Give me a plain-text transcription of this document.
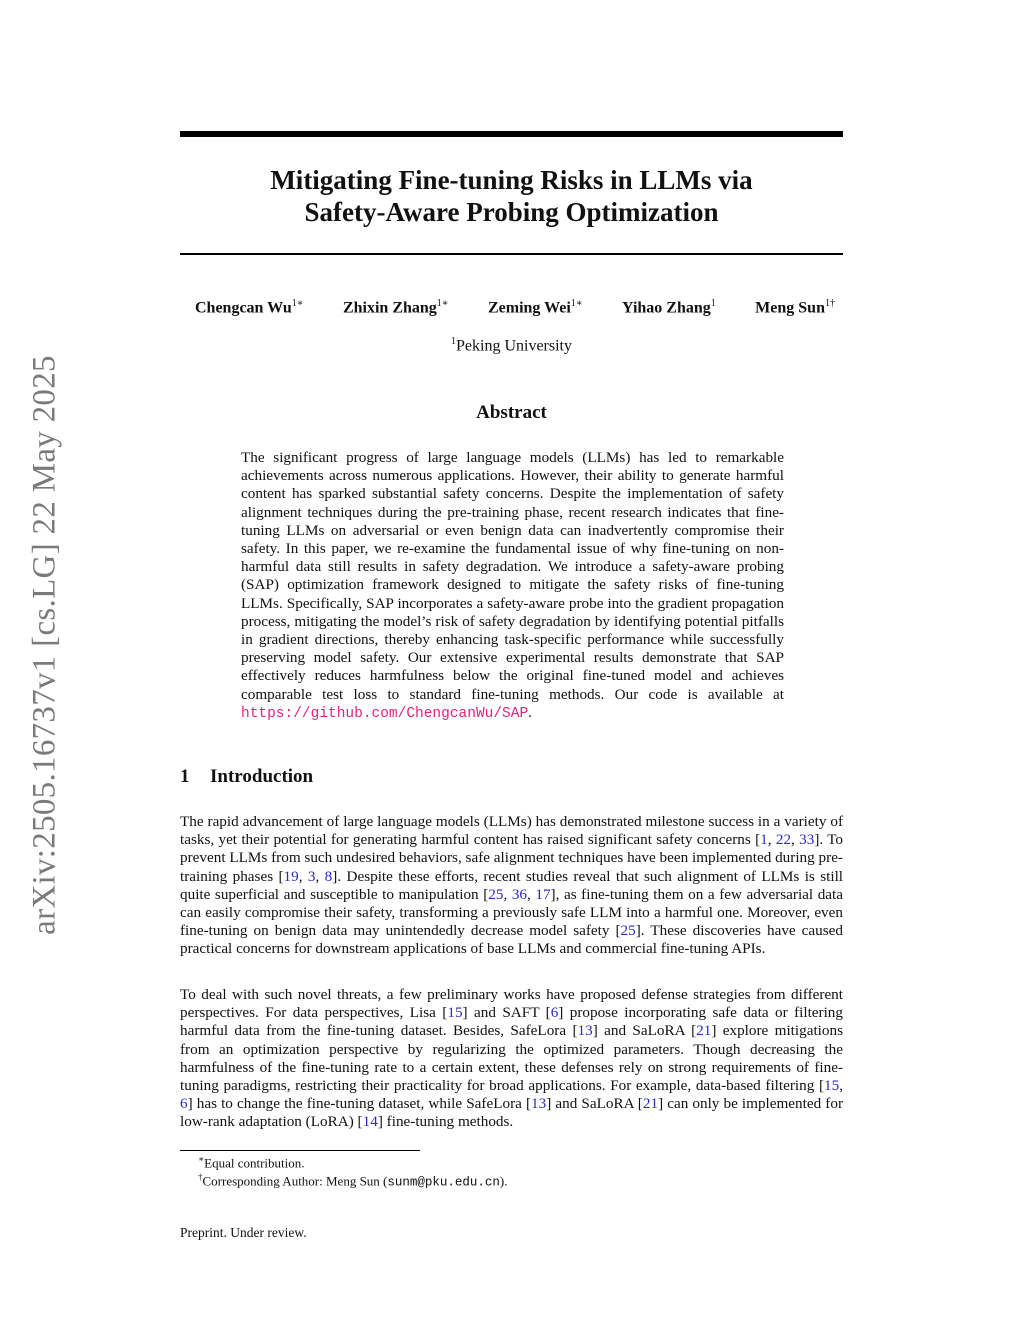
arXiv:2505.16737v1 [cs.LG] 22 May 2025
Mitigating Fine-tuning Risks in LLMs via
Safety-Aware Probing Optimization
Chengcan $Wu^{1∗}$ Zhixin Zhang$^{1∗}$ Zeming Wei$^{1∗}$ Yihao Zhang$^1$ Meng Sun$^{1\dagger}$
$^1$Peking University
Abstract
The significant progress of large language models (LLMs) has led to remarkable achievements across numerous applications. However, their ability to generate harmful content has sparked substantial safety concerns. Despite the implementation of safety alignment techniques during the pre-training phase, recent research indicates that fine-tuning LLMs on adversarial or even benign data can inadvertently compromise their safety. In this paper, we re-examine the fundamental issue of why fine-tuning on non-harmful data still results in safety degradation. We introduce a safety-aware probing (SAP) optimization framework designed to mitigate the safety risks of fine-tuning LLMs. Specifically, SAP incorporates a safety-aware probe into the gradient propagation process, mitigating the model’s risk of safety degradation by identifying potential pitfalls in gradient directions, thereby enhancing task-specific performance while successfully preserving model safety. Our extensive experimental results demonstrate that SAP effectively reduces harmfulness below the original fine-tuned model and achieves comparable test loss to standard fine-tuning methods. Our code is available at https://github.com/ChengcanWu/SAP.
1 Introduction
The rapid advancement of large language models (LLMs) has demonstrated milestone success in a variety of tasks, yet their potential for generating harmful content has raised significant safety concerns [1, 22, 33]. To prevent LLMs from such undesired behaviors, safe alignment techniques have been implemented during pre-training phases [19, 3, 8]. Despite these efforts, recent studies reveal that such alignment of LLMs is still quite superficial and susceptible to manipulation [25, 36, 17], as fine-tuning them on a few adversarial data can easily compromise their safety, transforming a previously safe LLM into a harmful one. Moreover, even fine-tuning on benign data may unintendedly decrease model safety [25]. These discoveries have caused practical concerns for downstream applications of base LLMs and commercial fine-tuning APIs.
To deal with such novel threats, a few preliminary works have proposed defense strategies from different perspectives. For data perspectives, Lisa [15] and SAFT [6] propose incorporating safe data or filtering harmful data from the fine-tuning dataset. Besides, SafeLora [13] and SaLoRA [21] explore mitigations from an optimization perspective by regularizing the optimized parameters. Though decreasing the harmfulness of the fine-tuning rate to a certain extent, these defenses rely on strong requirements of fine-tuning paradigms, restricting their practicality for broad applications. For example, data-based filtering [15, 6] has to change the fine-tuning dataset, while SafeLora [13] and SaLoRA [21] can only be implemented for low-rank adaptation (LoRA) [14] fine-tuning methods.
∗Equal contribution.
†Corresponding Author: Meng Sun (sunm@pku.edu.cn).
Preprint. Under review.
